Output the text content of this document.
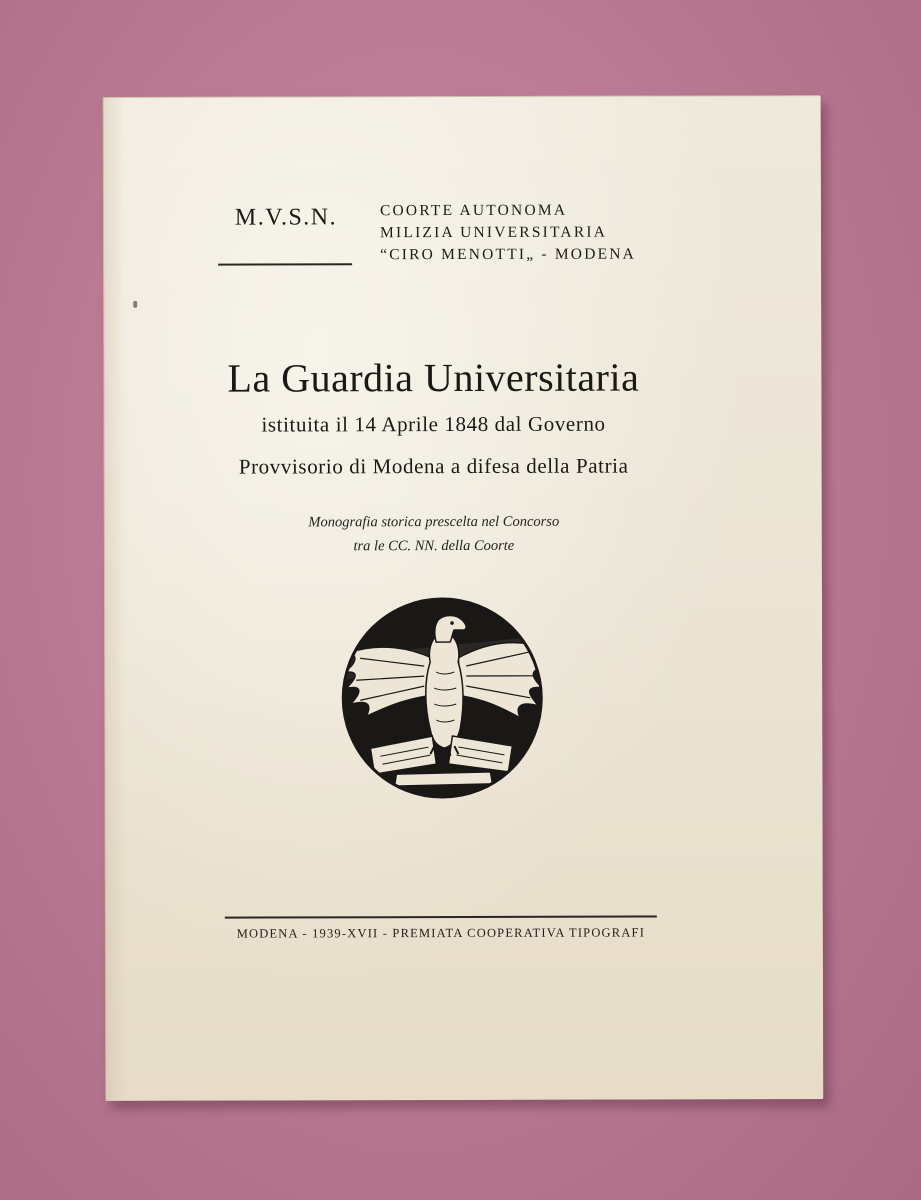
M.V.S.N.	COORTE AUTONOMA
MILIZIA UNIVERSITARIA
“CIRO MENOTTI„ - MODENA
La Guardia Universitaria
istituita il 14 Aprile 1848 dal Governo
Provvisorio di Modena a difesa della Patria
Monografia storica prescelta nel Concorso
tra le CC. NN. della Coorte
MODENA - 1939-XVII - PREMIATA COOPERATIVA TIPOGRAFI
